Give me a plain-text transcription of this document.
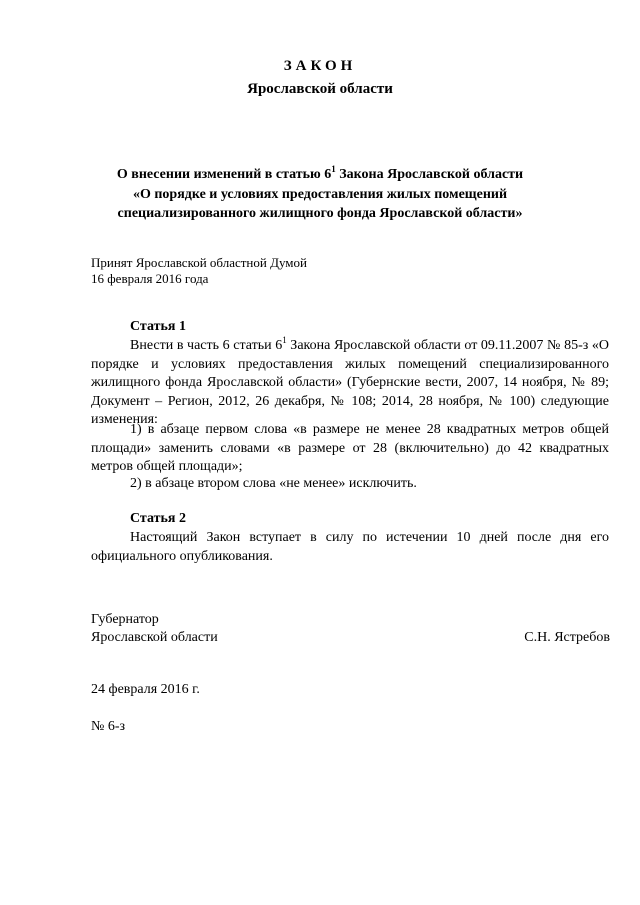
ЗАКОН
Ярославской области
О внесении изменений в статью $6^1$ Закона Ярославской области
«О порядке и условиях предоставления жилых помещений
специализированного жилищного фонда Ярославской области»
Принят Ярославской областной Думой
16 февраля 2016 года
Статья 1

Внести в часть 6 статьи $6^1$ Закона Ярославской области от 09.11.2007 № 85-з «О порядке и условиях предоставления жилых помещений специализированного жилищного фонда Ярославской области» (Губернские вести, 2007, 14 ноября, № 89; Документ – Регион, 2012, 26 декабря, № 108; 2014, 28 ноября, № 100) следующие изменения:

1) в абзаце первом слова «в размере не менее 28 квадратных метров общей площади» заменить словами «в размере от 28 (включительно) до 42 квадратных метров общей площади»;

2) в абзаце втором слова «не менее» исключить.

Статья 2

Настоящий Закон вступает в силу по истечении 10 дней после дня его официального опубликования.

Губернатор
Ярославской области	С.Н. Ястребов
24 февраля 2016 г.
№ 6-з
